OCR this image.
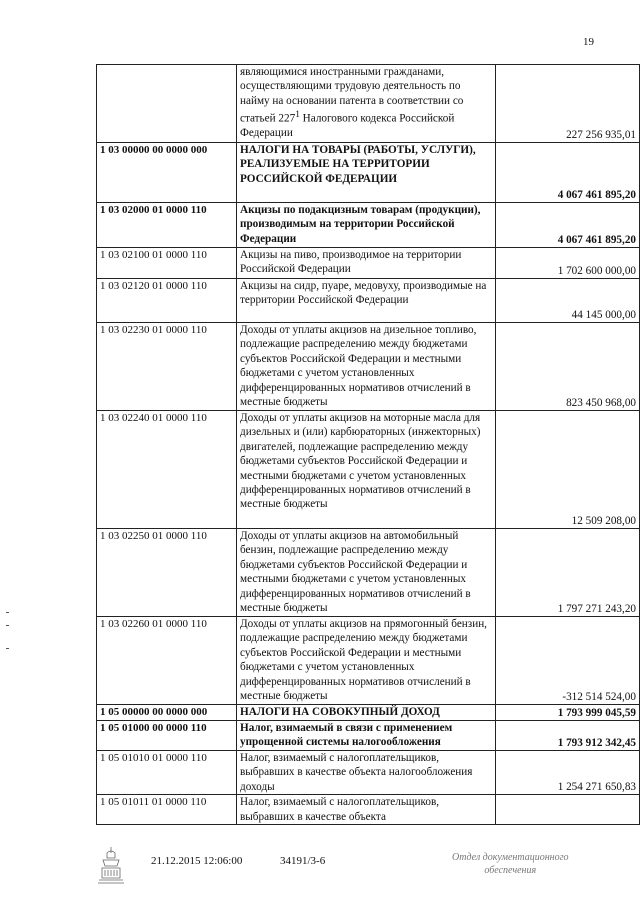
19
	являющимися иностранными гражданами, осуществляющими трудовую деятельность по найму на основании патента в соответствии со статьей $227^1$ Налогового кодекса Российской Федерации	227 256 935,01
1 03 00000 00 0000 000	НАЛОГИ НА ТОВАРЫ (РАБОТЫ, УСЛУГИ), РЕАЛИЗУЕМЫЕ НА ТЕРРИТОРИИ РОССИЙСКОЙ ФЕДЕРАЦИИ	4 067 461 895,20
1 03 02000 01 0000 110	Акцизы по подакцизным товарам (продукции), производимым на территории Российской Федерации	4 067 461 895,20
1 03 02100 01 0000 110	Акцизы на пиво, производимое на территории Российской Федерации	1 702 600 000,00
1 03 02120 01 0000 110	Акцизы на сидр, пуаре, медовуху, производимые на территории Российской Федерации	44 145 000,00
1 03 02230 01 0000 110	Доходы от уплаты акцизов на дизельное топливо, подлежащие распределению между бюджетами субъектов Российской Федерации и местными бюджетами с учетом установленных дифференцированных нормативов отчислений в местные бюджеты	823 450 968,00
1 03 02240 01 0000 110	Доходы от уплаты акцизов на моторные масла для дизельных и (или) карбюраторных (инжекторных) двигателей, подлежащие распределению между бюджетами субъектов Российской Федерации и местными бюджетами с учетом установленных дифференцированных нормативов отчислений в местные бюджеты	12 509 208,00
1 03 02250 01 0000 110	Доходы от уплаты акцизов на автомобильный бензин, подлежащие распределению между бюджетами субъектов Российской Федерации и местными бюджетами с учетом установленных дифференцированных нормативов отчислений в местные бюджеты	1 797 271 243,20
1 03 02260 01 0000 110	Доходы от уплаты акцизов на прямогонный бензин, подлежащие распределению между бюджетами субъектов Российской Федерации и местными бюджетами с учетом установленных дифференцированных нормативов отчислений в местные бюджеты	-312 514 524,00
1 05 00000 00 0000 000	НАЛОГИ НА СОВОКУПНЫЙ ДОХОД	1 793 999 045,59
1 05 01000 00 0000 110	Налог, взимаемый в связи с применением упрощенной системы налогообложения	1 793 912 342,45
1 05 01010 01 0000 110	Налог, взимаемый с налогоплательщиков, выбравших в качестве объекта налогообложения доходы	1 254 271 650,83
1 05 01011 01 0000 110	Налог, взимаемый с налогоплательщиков, выбравших в качестве объекта	
21.12.2015 12:06:00	34191/3-6	Отдел документационного
обеспечения
